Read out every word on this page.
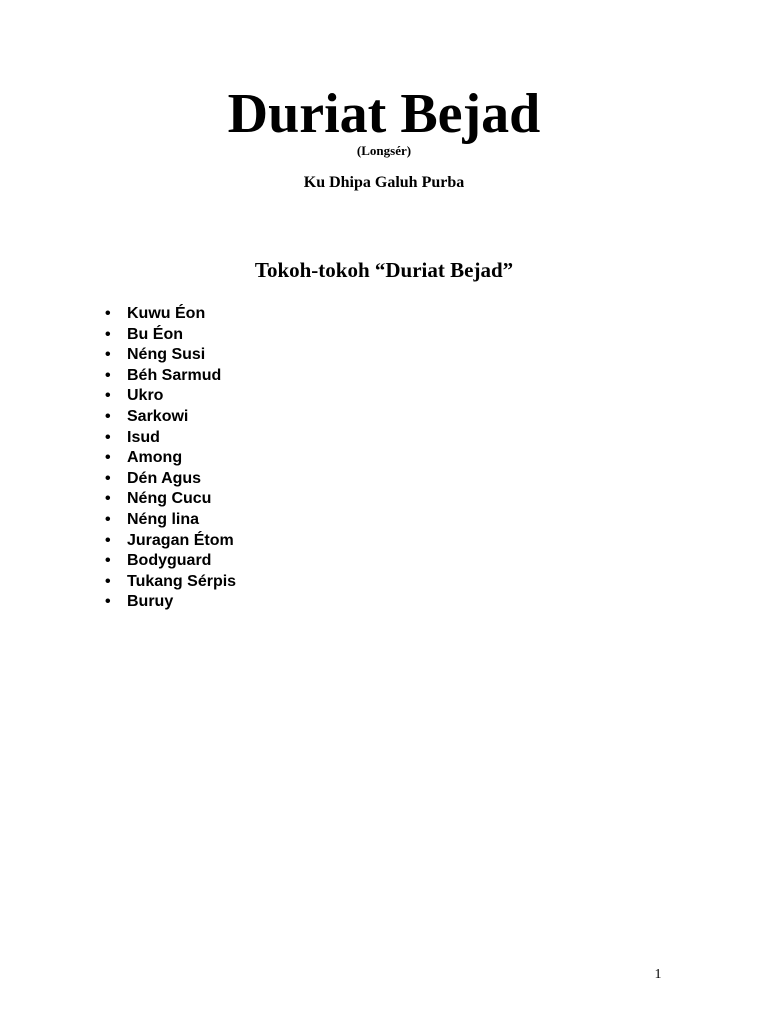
Duriat Bejad
(Longsér)
Ku Dhipa Galuh Purba
Tokoh-tokoh “Duriat Bejad”
•	Kuwu Éon
•	Bu Éon
•	Néng Susi
•	Béh Sarmud
•	Ukro
•	Sarkowi
•	Isud
•	Among
•	Dén Agus
•	Néng Cucu
•	Néng lina
•	Juragan Étom
•	Bodyguard
•	Tukang Sérpis
•	Buruy
1
